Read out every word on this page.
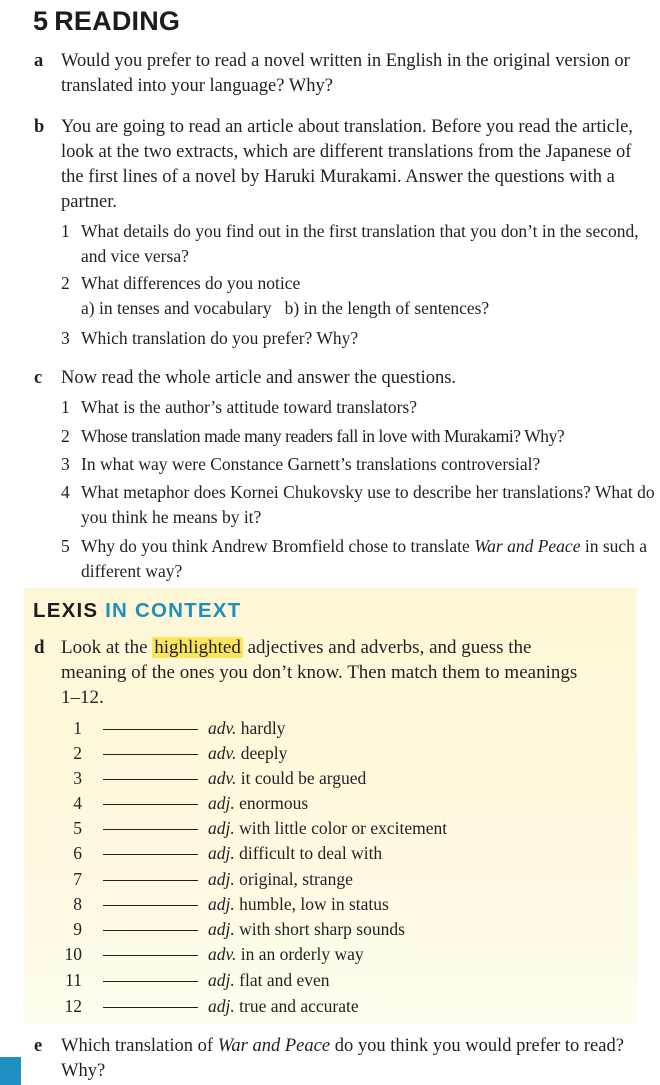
5 READING
a Would you prefer to read a novel written in English in the original version or translated into your language? Why?
b You are going to read an article about translation. Before you read the article, look at the two extracts, which are different translations from the Japanese of the first lines of a novel by Haruki Murakami. Answer the questions with a partner.
1 What details do you find out in the first translation that you don’t in the second, and vice versa?
2 What differences do you notice
a) in tenses and vocabulary   b) in the length of sentences?
3 Which translation do you prefer? Why?
c Now read the whole article and answer the questions.
1 What is the author’s attitude toward translators?
2 Whose translation made many readers fall in love with Murakami? Why?
3 In what way were Constance Garnett’s translations controversial?
4 What metaphor does Kornei Chukovsky use to describe her translations? What do you think he means by it?
5 Why do you think Andrew Bromfield chose to translate War and Peace in such a different way?
LEXIS IN CONTEXT
d Look at the highlighted adjectives and adverbs, and guess the meaning of the ones you don’t know. Then match them to meanings 1–12.
1	adv. hardly
2	adv. deeply
3	adv. it could be argued
4	adj. enormous
5	adj. with little color or excitement
6	adj. difficult to deal with
7	adj. original, strange
8	adj. humble, low in status
9	adj. with short sharp sounds
10	adv. in an orderly way
11	adj. flat and even
12	adj. true and accurate
e Which translation of War and Peace do you think you would prefer to read? Why?
